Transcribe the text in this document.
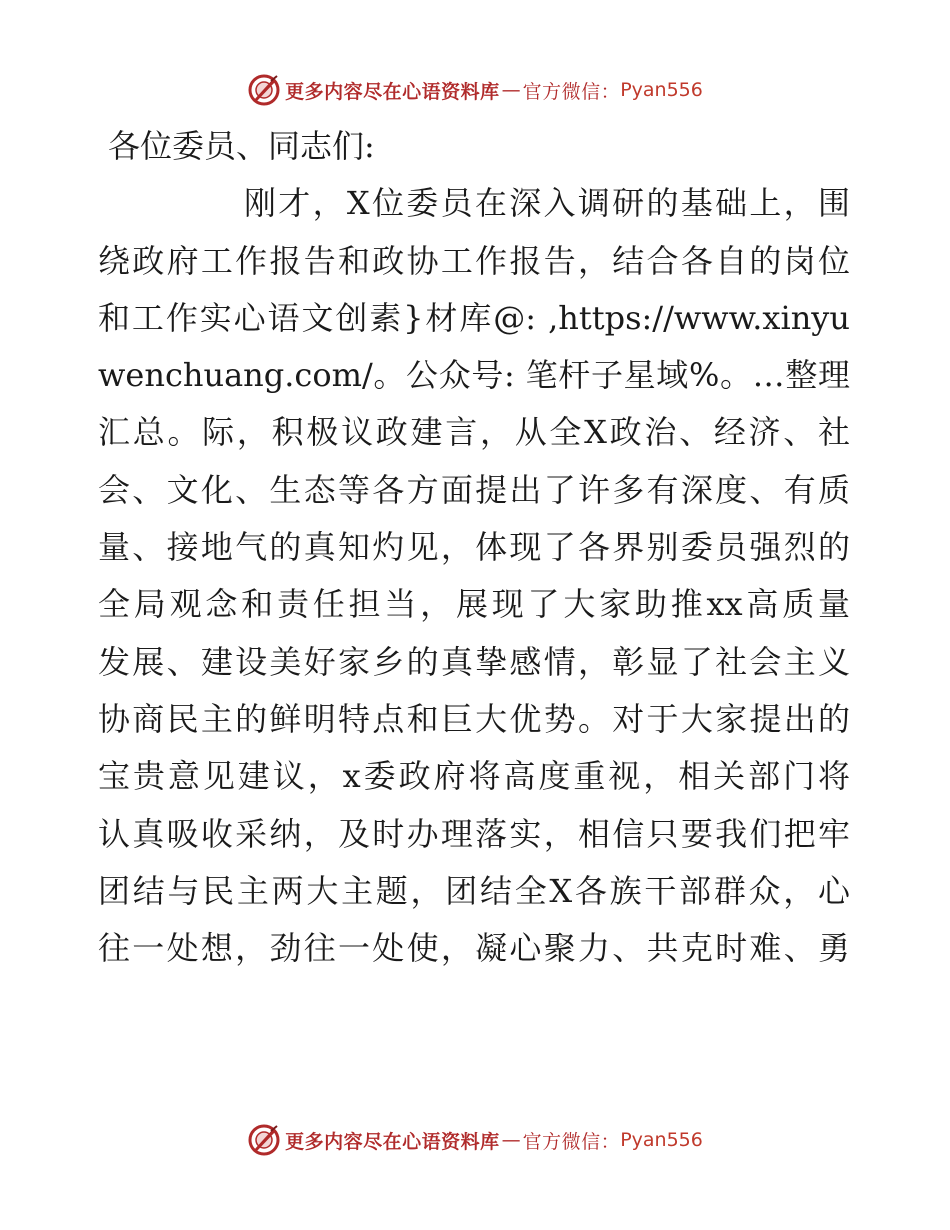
更多内容尽在心语资料库 — 官方微信： Pyan556
各位委员、同志们:
刚才，X位委员在深入调研的基础上，围
绕政府工作报告和政协工作报告，结合各自的岗位
和工作实心语文创素}材库@: ,https://www.xinyu
wenchuang.com/。公众号: 笔杆子星域%。…整理
汇总。际，积极议政建言，从全X政治、经济、社
会、文化、生态等各方面提出了许多有深度、有质
量、接地气的真知灼见，体现了各界别委员强烈的
全局观念和责任担当，展现了大家助推xx高质量
发展、建设美好家乡的真挚感情，彰显了社会主义
协商民主的鲜明特点和巨大优势。对于大家提出的
宝贵意见建议，x委政府将高度重视，相关部门将
认真吸收采纳，及时办理落实，相信只要我们把牢
团结与民主两大主题，团结全X各族干部群众，心
往一处想，劲往一处使，凝心聚力、共克时难、勇
更多内容尽在心语资料库 — 官方微信： Pyan556
